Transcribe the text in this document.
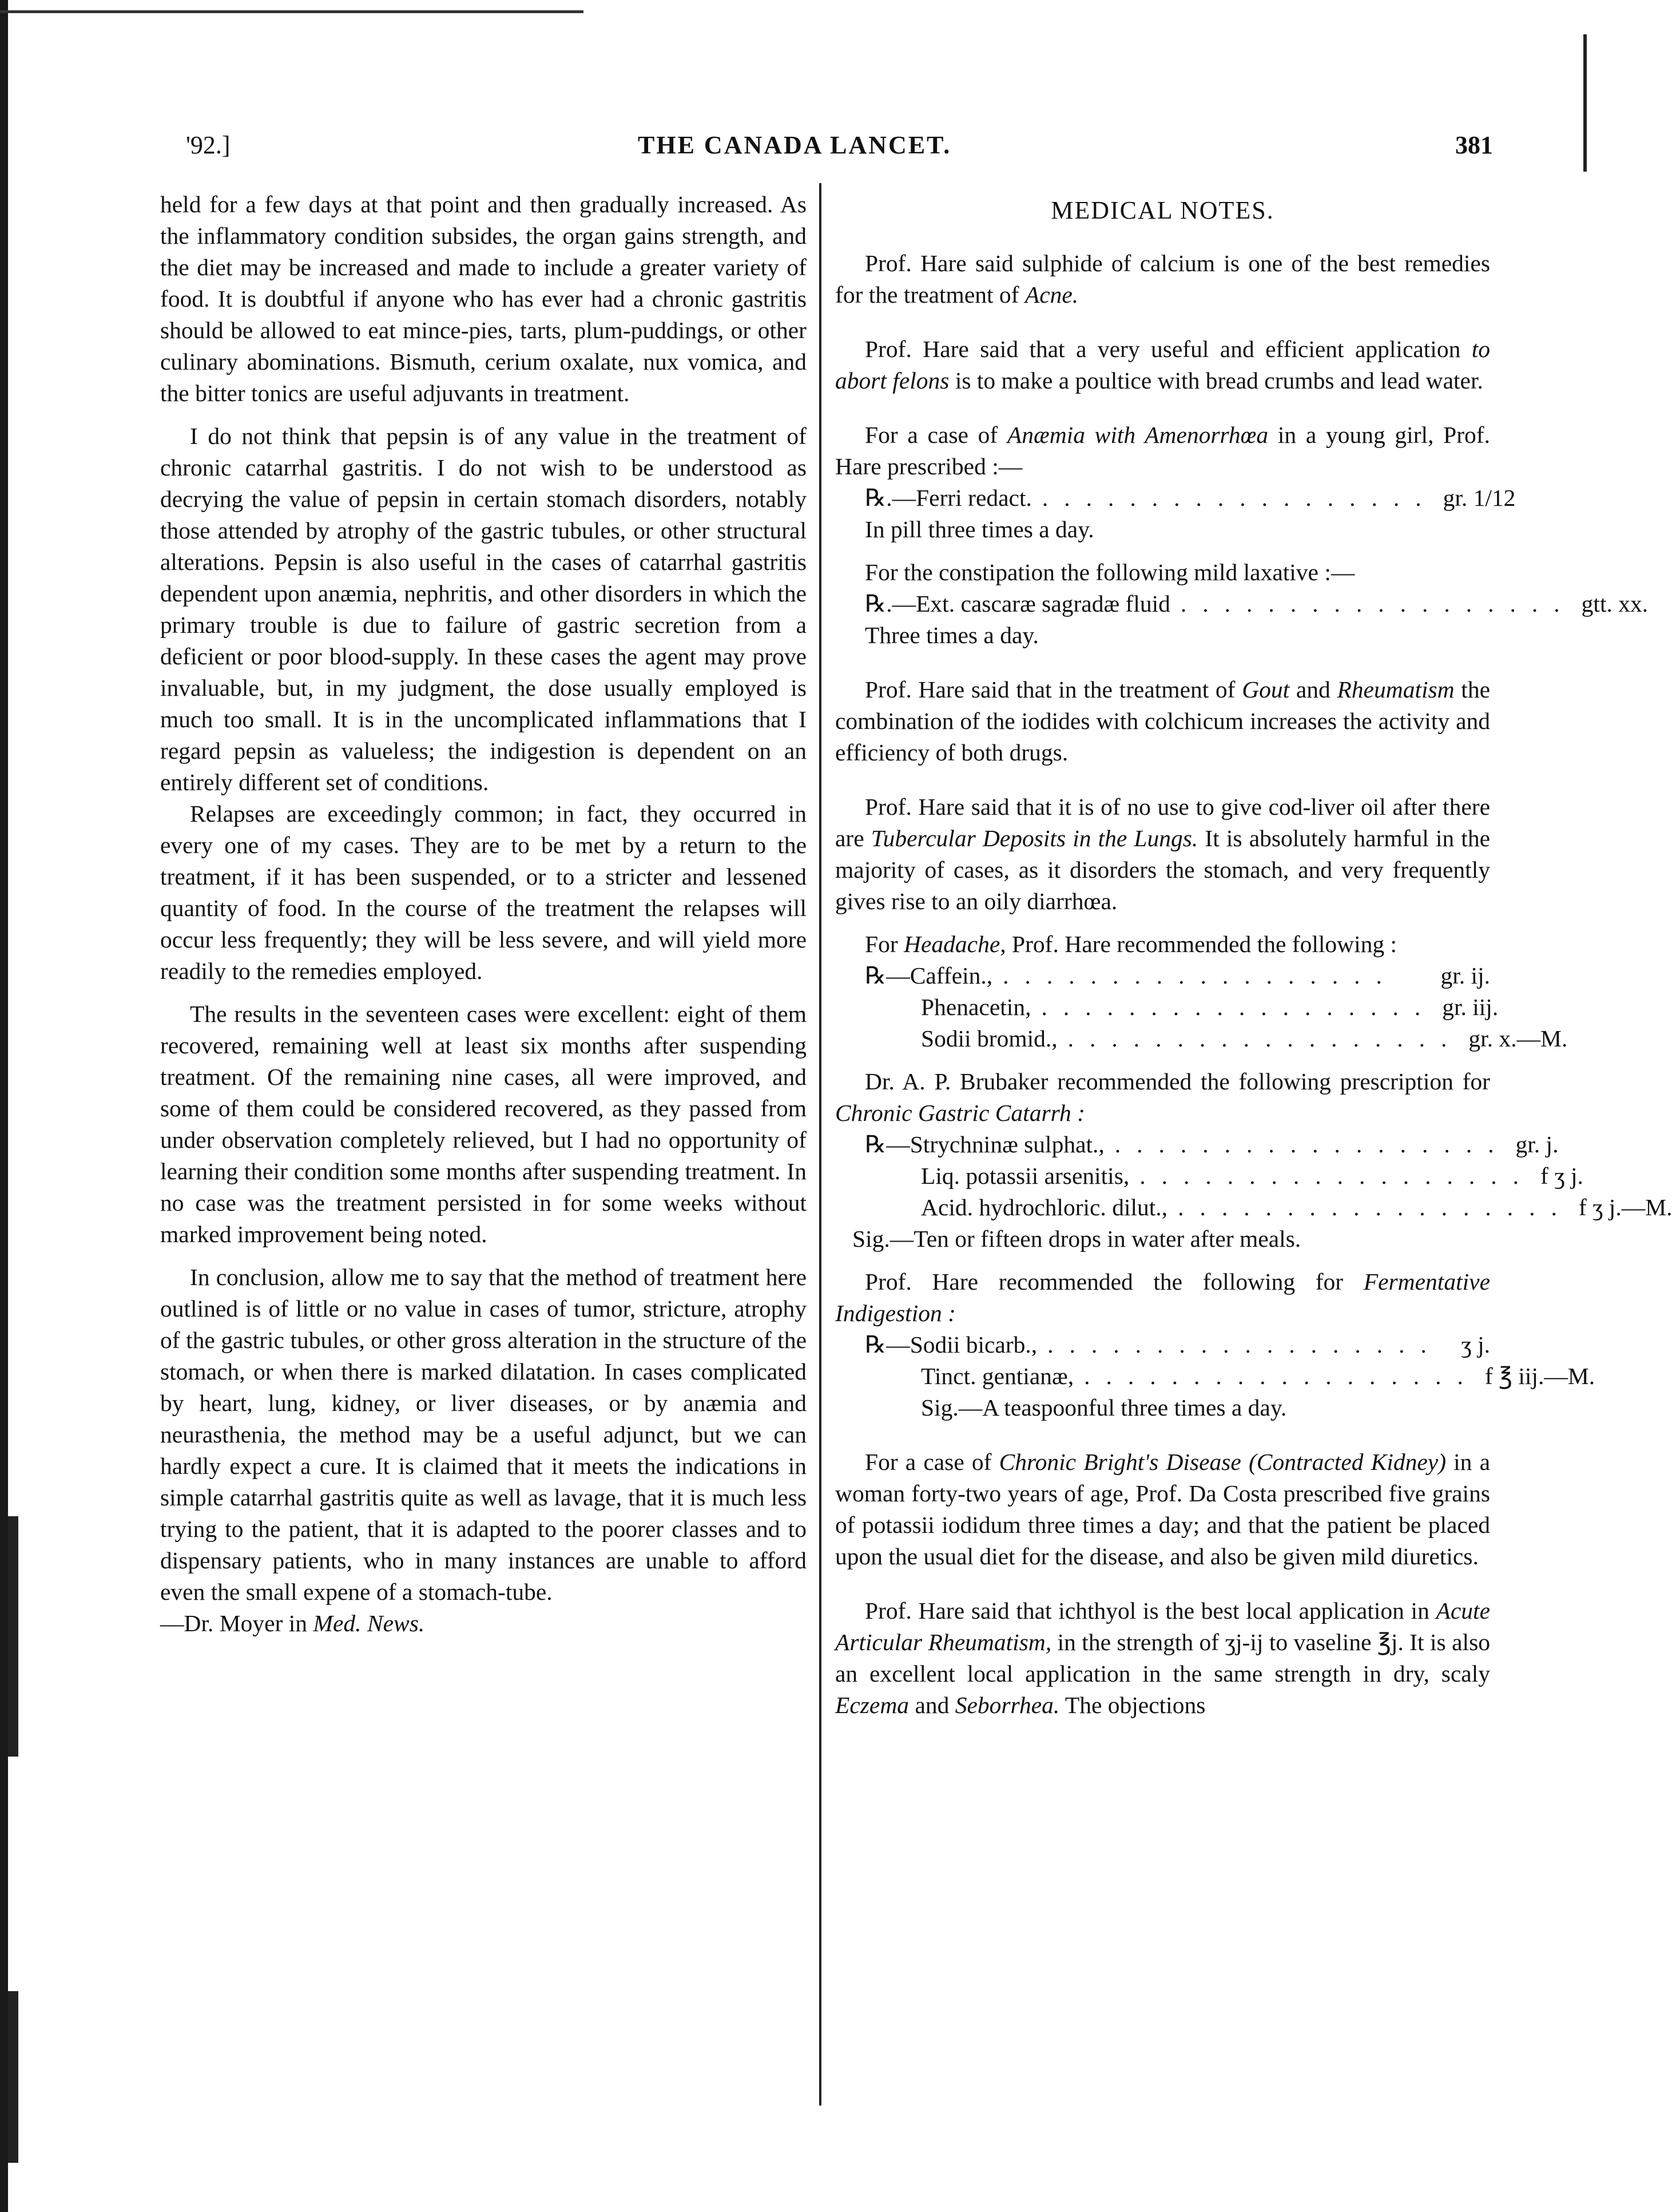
'92.]	THE CANADA LANCET.	381

held for a few days at that point and then gradually increased. As the inflammatory condition subsides, the organ gains strength, and the diet may be increased and made to include a greater variety of food. It is doubtful if anyone who has ever had a chronic gastritis should be allowed to eat mince-pies, tarts, plum-puddings, or other culinary abominations. Bismuth, cerium oxalate, nux vomica, and the bitter tonics are useful adjuvants in treatment.

I do not think that pepsin is of any value in the treatment of chronic catarrhal gastritis. I do not wish to be understood as decrying the value of pepsin in certain stomach disorders, notably those attended by atrophy of the gastric tubules, or other structural alterations. Pepsin is also useful in the cases of catarrhal gastritis dependent upon anæmia, nephritis, and other disorders in which the primary trouble is due to failure of gastric secretion from a deficient or poor blood-supply. In these cases the agent may prove invaluable, but, in my judgment, the dose usually employed is much too small. It is in the uncomplicated inflammations that I regard pepsin as valueless; the indigestion is dependent on an entirely different set of conditions.

Relapses are exceedingly common; in fact, they occurred in every one of my cases. They are to be met by a return to the treatment, if it has been suspended, or to a stricter and lessened quantity of food. In the course of the treatment the relapses will occur less frequently; they will be less severe, and will yield more readily to the remedies employed.

The results in the seventeen cases were excellent: eight of them recovered, remaining well at least six months after suspending treatment. Of the remaining nine cases, all were improved, and some of them could be considered recovered, as they passed from under observation completely relieved, but I had no opportunity of learning their condition some months after suspending treatment. In no case was the treatment persisted in for some weeks without marked improvement being noted.

In conclusion, allow me to say that the method of treatment here outlined is of little or no value in cases of tumor, stricture, atrophy of the gastric tubules, or other gross alteration in the structure of the stomach, or when there is marked dilatation. In cases complicated by heart, lung, kidney, or liver diseases, or by anæmia and neurasthenia, the method may be a useful adjunct, but we can hardly expect a cure. It is claimed that it meets the indications in simple catarrhal gastritis quite as well as lavage, that it is much less trying to the patient, that it is adapted to the poorer classes and to dispensary patients, who in many instances are unable to afford even the small expene of a stomach-tube.

—Dr. Moyer in Med. News.

MEDICAL NOTES.

Prof. Hare said sulphide of calcium is one of the best remedies for the treatment of Acne.

Prof. Hare said that a very useful and efficient application to abort felons is to make a poultice with bread crumbs and lead water.

For a case of Anæmia with Amenorrhœa in a young girl, Prof. Hare prescribed :—

℞.—Ferri redact. .................. gr. 1/12
In pill three times a day.

For the constipation the following mild laxative :—

℞.—Ext. cascaræ sagradæ fluid .................. gtt. xx.
Three times a day.

Prof. Hare said that in the treatment of Gout and Rheumatism the combination of the iodides with colchicum increases the activity and efficiency of both drugs.

Prof. Hare said that it is of no use to give cod-liver oil after there are Tubercular Deposits in the Lungs. It is absolutely harmful in the majority of cases, as it disorders the stomach, and very frequently gives rise to an oily diarrhœa.

For Headache, Prof. Hare recommended the following :

℞—Caffein., ..................	gr. ij.
Phenacetin, .................. gr. iij.
Sodii bromid., .................. gr. x.—M.

Dr. A. P. Brubaker recommended the following prescription for Chronic Gastric Catarrh :

℞—Strychninæ sulphat., .................. gr. j.
Liq. potassii arsenitis, .................. f ʒ j.
Acid. hydrochloric. dilut., .................. f ʒ j.—M.
Sig.—Ten or fifteen drops in water after meals.

Prof. Hare recommended the following for Fermentative Indigestion :

℞—Sodii bicarb., .................. ʒ j.
Tinct. gentianæ, .................. f ℥ iij.—M.
Sig.—A teaspoonful three times a day.

For a case of Chronic Bright's Disease (Contracted Kidney) in a woman forty-two years of age, Prof. Da Costa prescribed five grains of potassii iodidum three times a day; and that the patient be placed upon the usual diet for the disease, and also be given mild diuretics.

Prof. Hare said that ichthyol is the best local application in Acute Articular Rheumatism, in the strength of ʒj-ij to vaseline ℥j. It is also an excellent local application in the same strength in dry, scaly Eczema and Seborrhea. The objections
